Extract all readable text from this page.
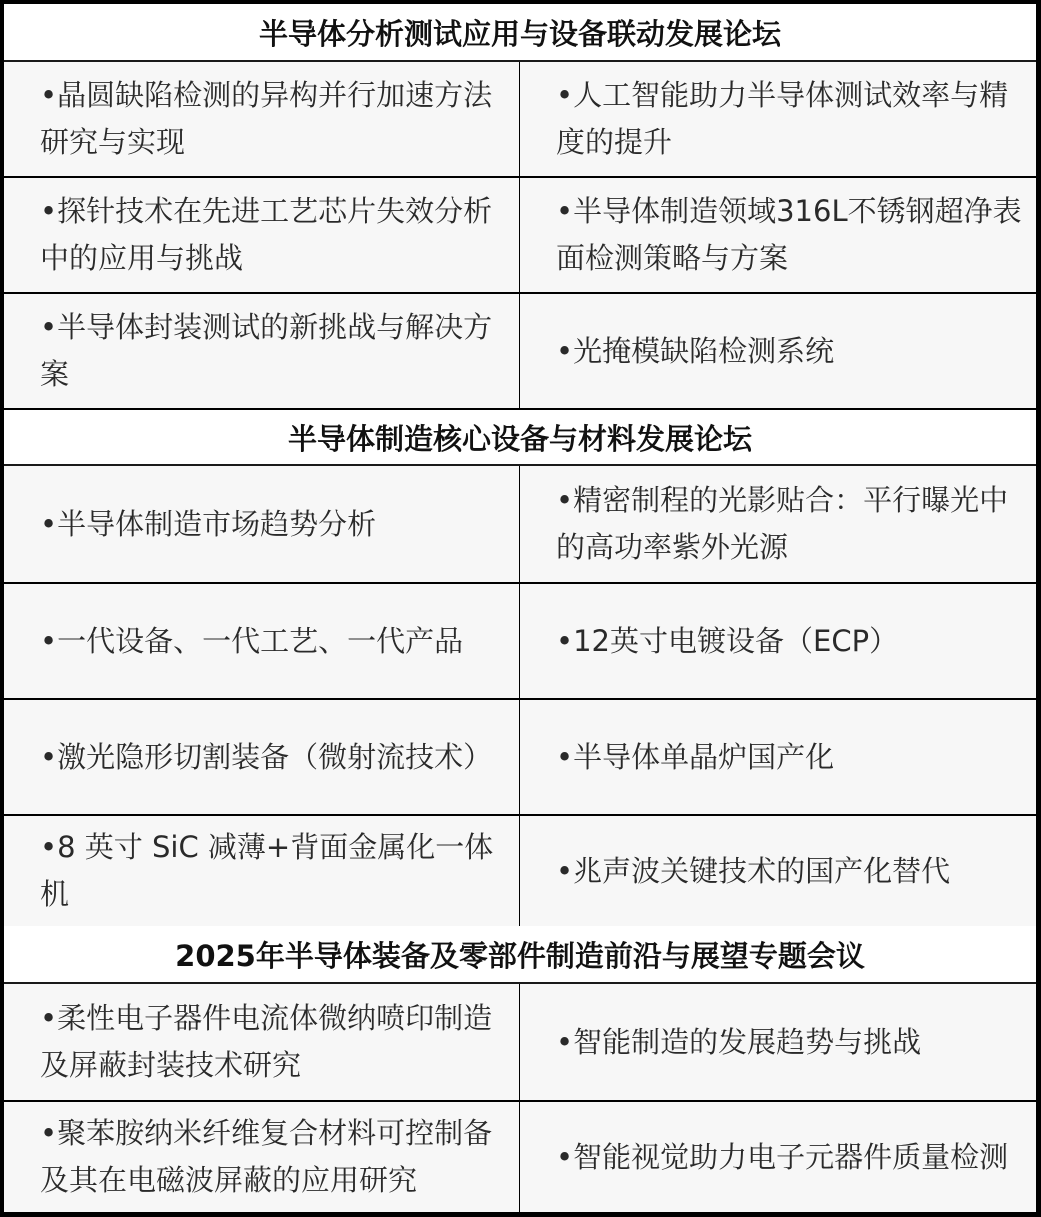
半导体分析测试应用与设备联动发展论坛
•晶圆缺陷检测的异构并行加速方法研究与实现
•人工智能助力半导体测试效率与精度的提升
•探针技术在先进工艺芯片失效分析中的应用与挑战
•半导体制造领域316L不锈钢超净表面检测策略与方案
•半导体封装测试的新挑战与解决方案
•光掩模缺陷检测系统
半导体制造核心设备与材料发展论坛
•半导体制造市场趋势分析
•精密制程的光影贴合：平行曝光中的高功率紫外光源
•一代设备、一代工艺、一代产品	•12英寸电镀设备（ECP）
•激光隐形切割装备（微射流技术） •半导体单晶炉国产化
•8 英寸 SiC 减薄+背面金属化一体机
•兆声波关键技术的国产化替代
2025年半导体装备及零部件制造前沿与展望专题会议
•柔性电子器件电流体微纳喷印制造及屏蔽封装技术研究
•智能制造的发展趋势与挑战
•聚苯胺纳米纤维复合材料可控制备及其在电磁波屏蔽的应用研究
•智能视觉助力电子元器件质量检测
